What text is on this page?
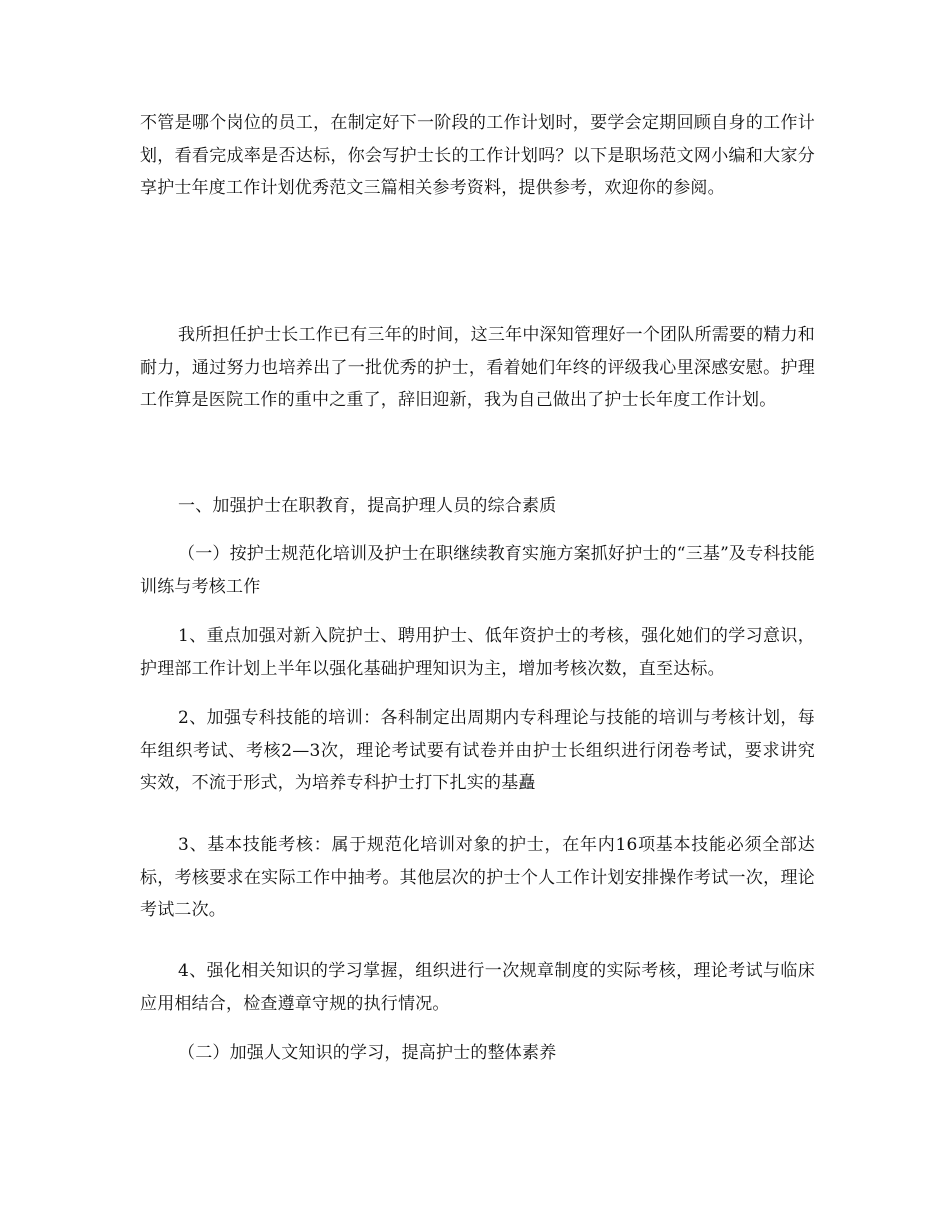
不管是哪个岗位的员工，在制定好下一阶段的工作计划时，要学会定期回顾自身的工作计划，看看完成率是否达标，你会写护士长的工作计划吗？以下是职场范文网小编和大家分享护士年度工作计划优秀范文三篇相关参考资料，提供参考，欢迎你的参阅。

我所担任护士长工作已有三年的时间，这三年中深知管理好一个团队所需要的精力和耐力，通过努力也培养出了一批优秀的护士，看着她们年终的评级我心里深感安慰。护理工作算是医院工作的重中之重了，辞旧迎新，我为自己做出了护士长年度工作计划。

一、加强护士在职教育，提高护理人员的综合素质

（一）按护士规范化培训及护士在职继续教育实施方案抓好护士的“三基”及专科技能训练与考核工作

1、重点加强对新入院护士、聘用护士、低年资护士的考核，强化她们的学习意识，护理部工作计划上半年以强化基础护理知识为主，增加考核次数，直至达标。

2、加强专科技能的培训：各科制定出周期内专科理论与技能的培训与考核计划，每年组织考试、考核2—3次，理论考试要有试卷并由护士长组织进行闭卷考试，要求讲究实效，不流于形式，为培养专科护士打下扎实的基矗

3、基本技能考核：属于规范化培训对象的护士，在年内16项基本技能必须全部达标，考核要求在实际工作中抽考。其他层次的护士个人工作计划安排操作考试一次，理论考试二次。

4、强化相关知识的学习掌握，组织进行一次规章制度的实际考核，理论考试与临床应用相结合，检查遵章守规的执行情况。

（二）加强人文知识的学习，提高护士的整体素养
